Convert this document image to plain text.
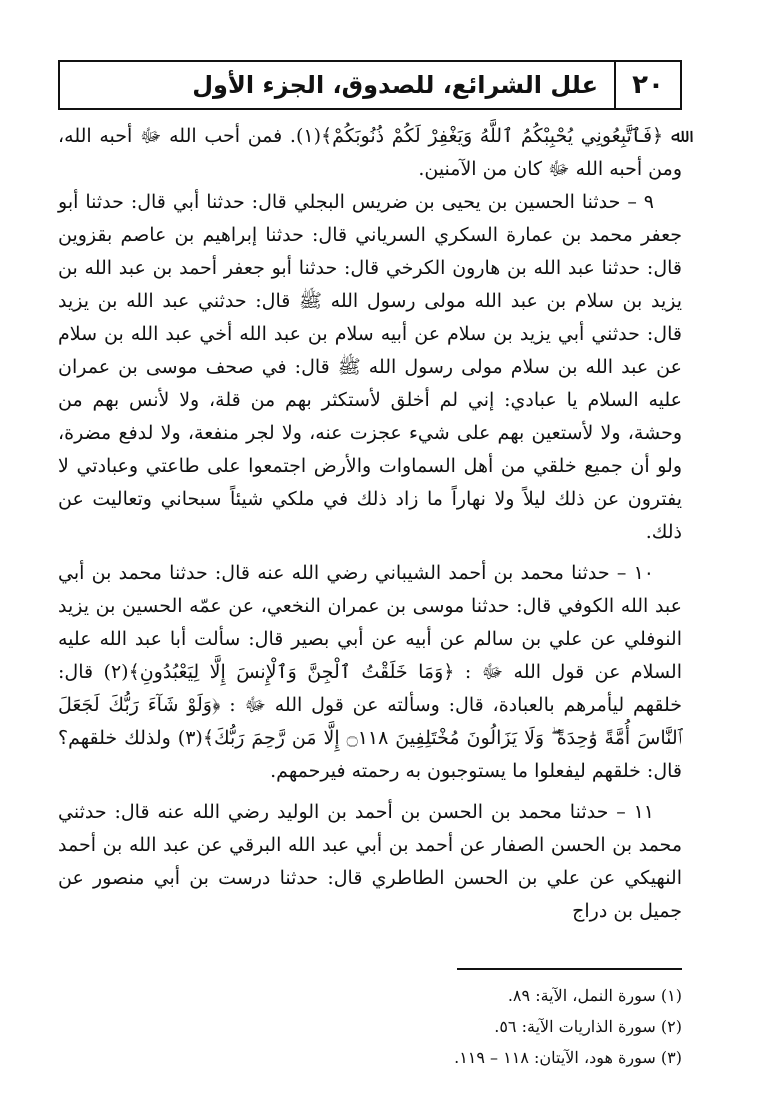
٢٠
علل الشرائع، للصدوق، الجزء الأول

ﷲ ﴿فَٱتَّبِعُونِي يُحْبِبْكُمُ ٱللَّهُ وَيَغْفِرْ لَكُمْ ذُنُوبَكُمْ﴾(١). فمن أحب الله ﷻ أحبه الله، ومن أحبه الله ﷻ كان من الآمنين.

٩ – حدثنا الحسين بن يحيى بن ضريس البجلي قال: حدثنا أبي قال: حدثنا أبو جعفر محمد بن عمارة السكري السرياني قال: حدثنا إبراهيم بن عاصم بقزوين قال: حدثنا عبد الله بن هارون الكرخي قال: حدثنا أبو جعفر أحمد بن عبد الله بن يزيد بن سلام بن عبد الله مولى رسول الله ﷺ قال: حدثني عبد الله بن يزيد قال: حدثني أبي يزيد بن سلام عن أبيه سلام بن عبد الله أخي عبد الله بن سلام عن عبد الله بن سلام مولى رسول الله ﷺ قال: في صحف موسى بن عمران عليه السلام يا عبادي: إني لم أخلق لأستكثر بهم من قلة، ولا لأنس بهم من وحشة، ولا لأستعين بهم على شيء عجزت عنه، ولا لجر منفعة، ولا لدفع مضرة، ولو أن جميع خلقي من أهل السماوات والأرض اجتمعوا على طاعتي وعبادتي لا يفترون عن ذلك ليلاً ولا نهاراً ما زاد ذلك في ملكي شيئاً سبحاني وتعاليت عن ذلك.

١٠ – حدثنا محمد بن أحمد الشيباني رضي الله عنه قال: حدثنا محمد بن أبي عبد الله الكوفي قال: حدثنا موسى بن عمران النخعي، عن عمّه الحسين بن يزيد النوفلي عن علي بن سالم عن أبيه عن أبي بصير قال: سألت أبا عبد الله عليه السلام عن قول الله ﷻ : ﴿وَمَا خَلَقْتُ ٱلْجِنَّ وَٱلْإِنسَ إِلَّا لِيَعْبُدُونِ﴾(٢) قال: خلقهم ليأمرهم بالعبادة، قال: وسألته عن قول الله ﷻ : ﴿وَلَوْ شَآءَ رَبُّكَ لَجَعَلَ ٱلنَّاسَ أُمَّةً وَٰحِدَةً ۖ وَلَا يَزَالُونَ مُخْتَلِفِينَ ۝١١٨ إِلَّا مَن رَّحِمَ رَبُّكَ﴾(٣) ولذلك خلقهم؟ قال: خلقهم ليفعلوا ما يستوجبون به رحمته فيرحمهم.

١١ – حدثنا محمد بن الحسن بن أحمد بن الوليد رضي الله عنه قال: حدثني محمد بن الحسن الصفار عن أحمد بن أبي عبد الله البرقي عن عبد الله بن أحمد النهيكي عن علي بن الحسن الطاطري قال: حدثنا درست بن أبي منصور عن جميل بن دراج

(١) سورة النمل، الآية: ٨٩.

(٢) سورة الذاريات الآية: ٥٦.

(٣) سورة هود، الآيتان: ١١٨ – ١١٩.
